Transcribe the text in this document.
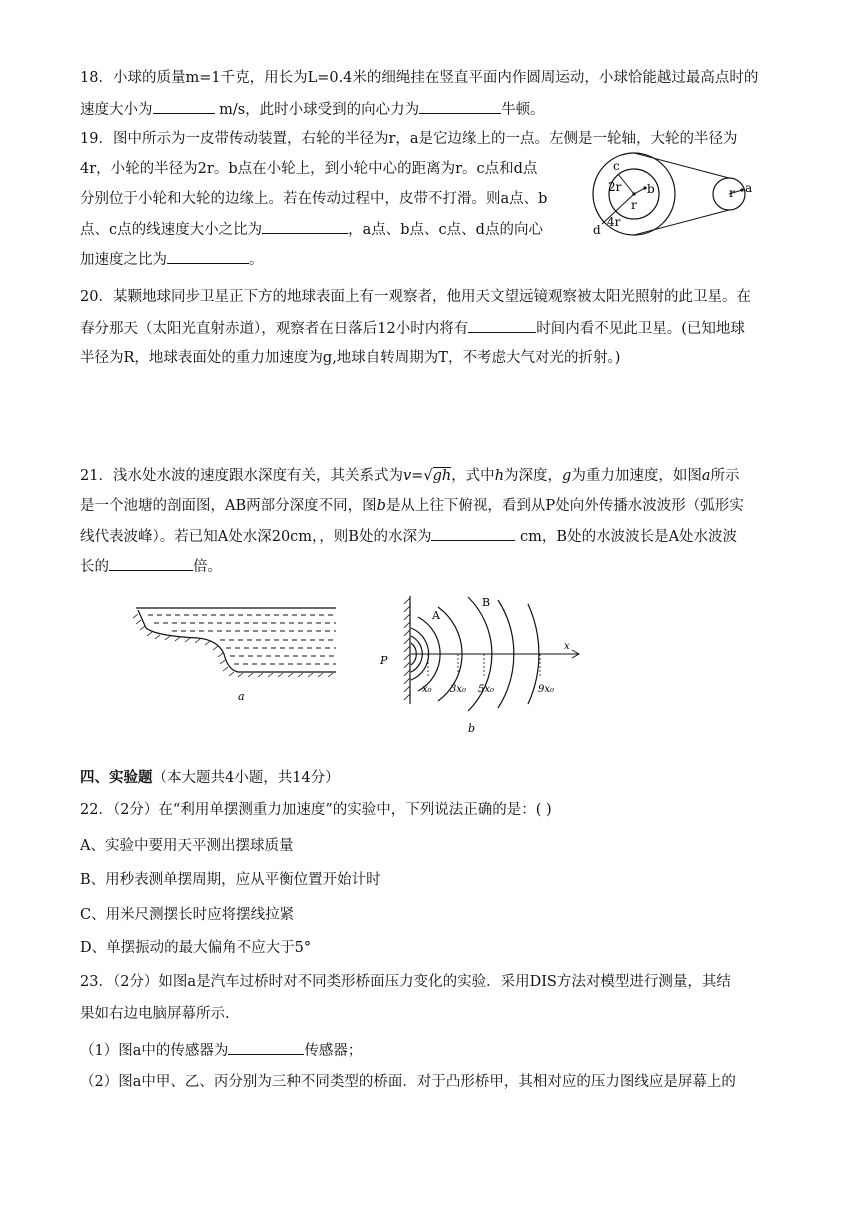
18．小球的质量m=1千克，用长为L=0.4米的细绳挂在竖直平面内作圆周运动，小球恰能越过最高点时的
速度大小为	m/s，此时小球受到的向心力为	牛顿。
19．图中所示为一皮带传动装置，右轮的半径为r，a是它边缘上的一点。左侧是一轮轴，大轮的半径为
4r，小轮的半径为2r。b点在小轮上，到小轮中心的距离为r。c点和d点
分别位于小轮和大轮的边缘上。若在传动过程中，皮带不打滑。则a点、b
点、c点的线速度大小之比为	，a点、b点、c点、d点的向心
加速度之比为	。
c
2r b
r
4r
d
r a
20．某颗地球同步卫星正下方的地球表面上有一观察者，他用天文望远镜观察被太阳光照射的此卫星。在
春分那天（太阳光直射赤道），观察者在日落后12小时内将有	时间内看不见此卫星。(已知地球
半径为R，地球表面处的重力加速度为g,地球自转周期为T，不考虑大气对光的折射。)
21．浅水处水波的速度跟水深度有关，其关系式为v=√gh，式中h为深度，g为重力加速度，如图a所示
是一个池塘的剖面图，AB两部分深度不同，图b是从上往下俯视，看到从P处向外传播水波波形（弧形实
线代表波峰）。若已知A处水深20cm，，则B处的水深为	cm，B处的水波波长是A处水波波
长的	倍。
a
A
B
P
x
x₀ 3x₀ 5x₀	9x₀
b
四、实验题（本大题共4小题，共14分）
22．（2分）在“利用单摆测重力加速度”的实验中，下列说法正确的是：( )
A、实验中要用天平测出摆球质量
B、用秒表测单摆周期，应从平衡位置开始计时
C、用米尺测摆长时应将摆线拉紧
D、单摆振动的最大偏角不应大于5°
23．（2分）如图a是汽车过桥时对不同类形桥面压力变化的实验．采用DIS方法对模型进行测量，其结
果如右边电脑屏幕所示.
（1）图a中的传感器为	传感器；
（2）图a中甲、乙、丙分别为三种不同类型的桥面．对于凸形桥甲，其相对应的压力图线应是屏幕上的
